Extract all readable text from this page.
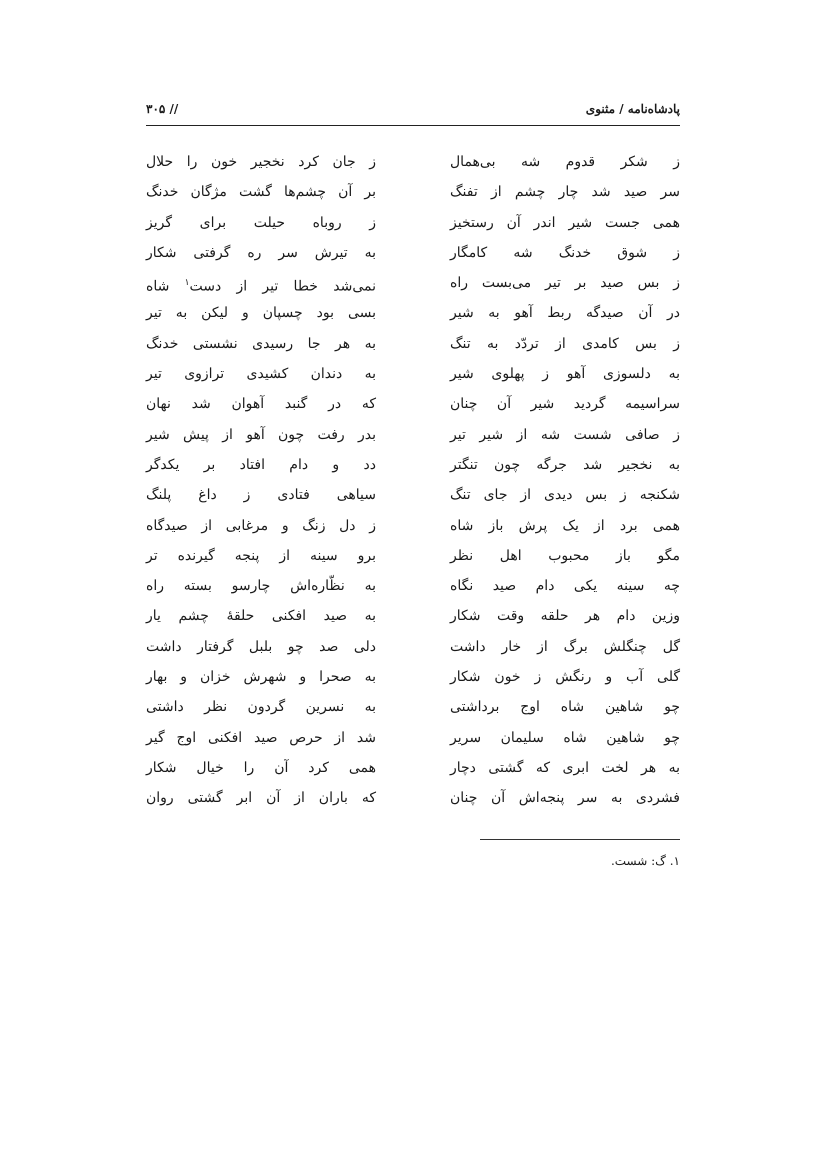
پادشاه‌نامه / مثنوی
// ۳۰۵
ز شکر قدوم شه بی‌همال
ز جان کرد نخجیر خون را حلال
سر صید شد چار چشم از تفنگ
بر آن چشم‌ها گشت مژگان خدنگ
همی جست شیر اندر آن رستخیز
ز روباه حیلت برای گریز
ز شوق خدنگ شه کامگار
به تیرش سر ره گرفتی شکار
ز بس صید بر تیر می‌بست راه
نمی‌شد خطا تیر از دست$^۱$ شاه
در آن صیدگه ربط آهو به شیر
بسی بود چسپان و لیکن به تیر
ز بس کامدی از تردّد به تنگ
به هر جا رسیدی نشستی خدنگ
به دلسوزی آهو ز پهلوی شیر
به دندان کشیدی ترازوی تیر
سراسیمه گردید شیر آن چنان
که در گنبد آهوان شد نهان
ز صافی شست شه از شیر تیر
بدر رفت چون آهو از پیش شیر
به نخجیر شد جرگه چون تنگتر
دد و دام افتاد بر یکدگر
شکنجه ز بس دیدی از جای تنگ
سیاهی فتادی ز داغ پلنگ
همی برد از یک پرش باز شاه
ز دل زنگ و مرغابی از صیدگاه
مگو باز محبوب اهل نظر
برو سینه از پنجه گیرنده تر
چه سینه یکی دام صید نگاه
به نظّاره‌اش چارسو بسته راه
وزین دام هر حلقه وقت شکار
به صید افکنی حلقهٔ چشم یار
گل چنگلش برگ از خار داشت
دلی صد چو بلبل گرفتار داشت
گلی آب و رنگش ز خون شکار
به صحرا و شهرش خزان و بهار
چو شاهین شاه اوج برداشتی
به نسرین گردون نظر داشتی
چو شاهین شاه سلیمان سریر
شد از حرص صید افکنی اوج گیر
به هر لخت ابری که گشتی دچار
همی کرد آن را خیال شکار
فشردی به سر پنجه‌اش آن چنان
که باران از آن ابر گشتی روان
۱. گ: شست.
